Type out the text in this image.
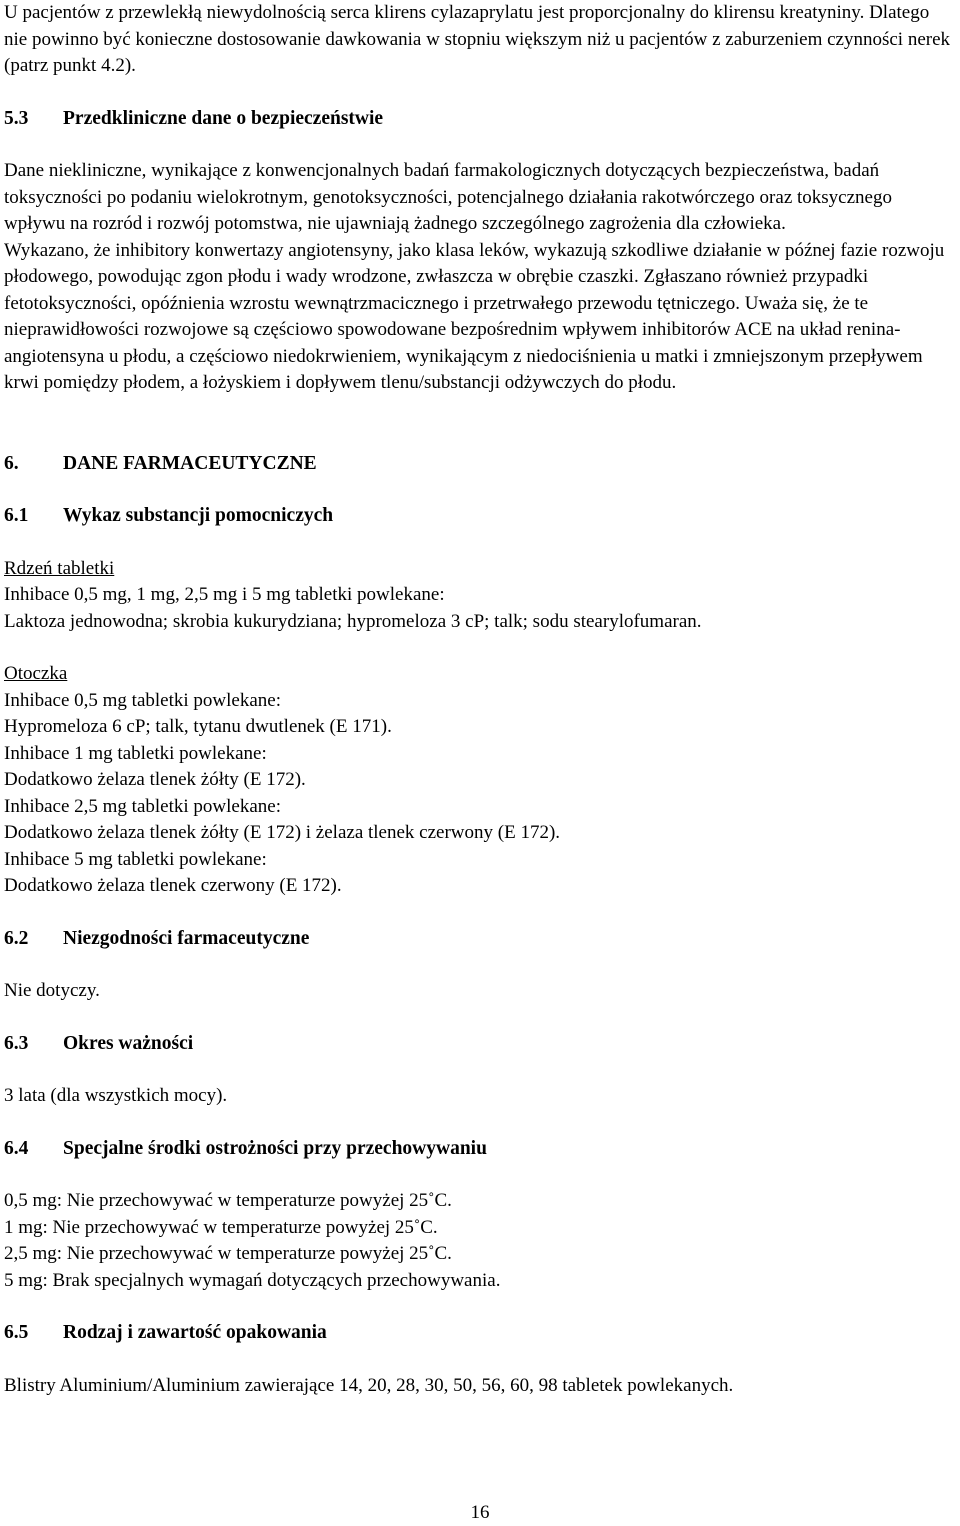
U pacjentów z przewlekłą niewydolnością serca klirens cylazaprylatu jest proporcjonalny do klirensu kreatyniny. Dlatego nie powinno być konieczne dostosowanie dawkowania w stopniu większym niż u pacjentów z zaburzeniem czynności nerek (patrz punkt 4.2).

5.3	Przedkliniczne dane o bezpieczeństwie

Dane niekliniczne, wynikające z konwencjonalnych badań farmakologicznych dotyczących bezpieczeństwa, badań toksyczności po podaniu wielokrotnym, genotoksyczności, potencjalnego działania rakotwórczego oraz toksycznego wpływu na rozród i rozwój potomstwa, nie ujawniają żadnego szczególnego zagrożenia dla człowieka.

Wykazano, że inhibitory konwertazy angiotensyny, jako klasa leków, wykazują szkodliwe działanie w późnej fazie rozwoju płodowego, powodując zgon płodu i wady wrodzone, zwłaszcza w obrębie czaszki. Zgłaszano również przypadki fetotoksyczności, opóźnienia wzrostu wewnątrzmacicznego i przetrwałego przewodu tętniczego. Uważa się, że te nieprawidłowości rozwojowe są częściowo spowodowane bezpośrednim wpływem inhibitorów ACE na układ renina-angiotensyna u płodu, a częściowo niedokrwieniem, wynikającym z niedociśnienia u matki i zmniejszonym przepływem krwi pomiędzy płodem, a łożyskiem i dopływem tlenu/substancji odżywczych do płodu.

6.	DANE FARMACEUTYCZNE
6.1	Wykaz substancji pomocniczych

Rdzeń tabletki

Inhibace 0,5 mg, 1 mg, 2,5 mg i 5 mg tabletki powlekane:

Laktoza jednowodna; skrobia kukurydziana; hypromeloza 3 cP; talk; sodu stearylofumaran.

Otoczka

Inhibace 0,5 mg tabletki powlekane:

Hypromeloza 6 cP; talk, tytanu dwutlenek (E 171).

Inhibace 1 mg tabletki powlekane:

Dodatkowo żelaza tlenek żółty (E 172).

Inhibace 2,5 mg tabletki powlekane:

Dodatkowo żelaza tlenek żółty (E 172) i żelaza tlenek czerwony (E 172).

Inhibace 5 mg tabletki powlekane:

Dodatkowo żelaza tlenek czerwony (E 172).

6.2	Niezgodności farmaceutyczne

Nie dotyczy.

6.3	Okres ważności

3 lata (dla wszystkich mocy).

6.4	Specjalne środki ostrożności przy przechowywaniu

0,5 mg: Nie przechowywać w temperaturze powyżej 25˚C.

1 mg: Nie przechowywać w temperaturze powyżej 25˚C.

2,5 mg: Nie przechowywać w temperaturze powyżej 25˚C.

5 mg: Brak specjalnych wymagań dotyczących przechowywania.

6.5	Rodzaj i zawartość opakowania

Blistry Aluminium/Aluminium zawierające 14, 20, 28, 30, 50, 56, 60, 98 tabletek powlekanych.

16
